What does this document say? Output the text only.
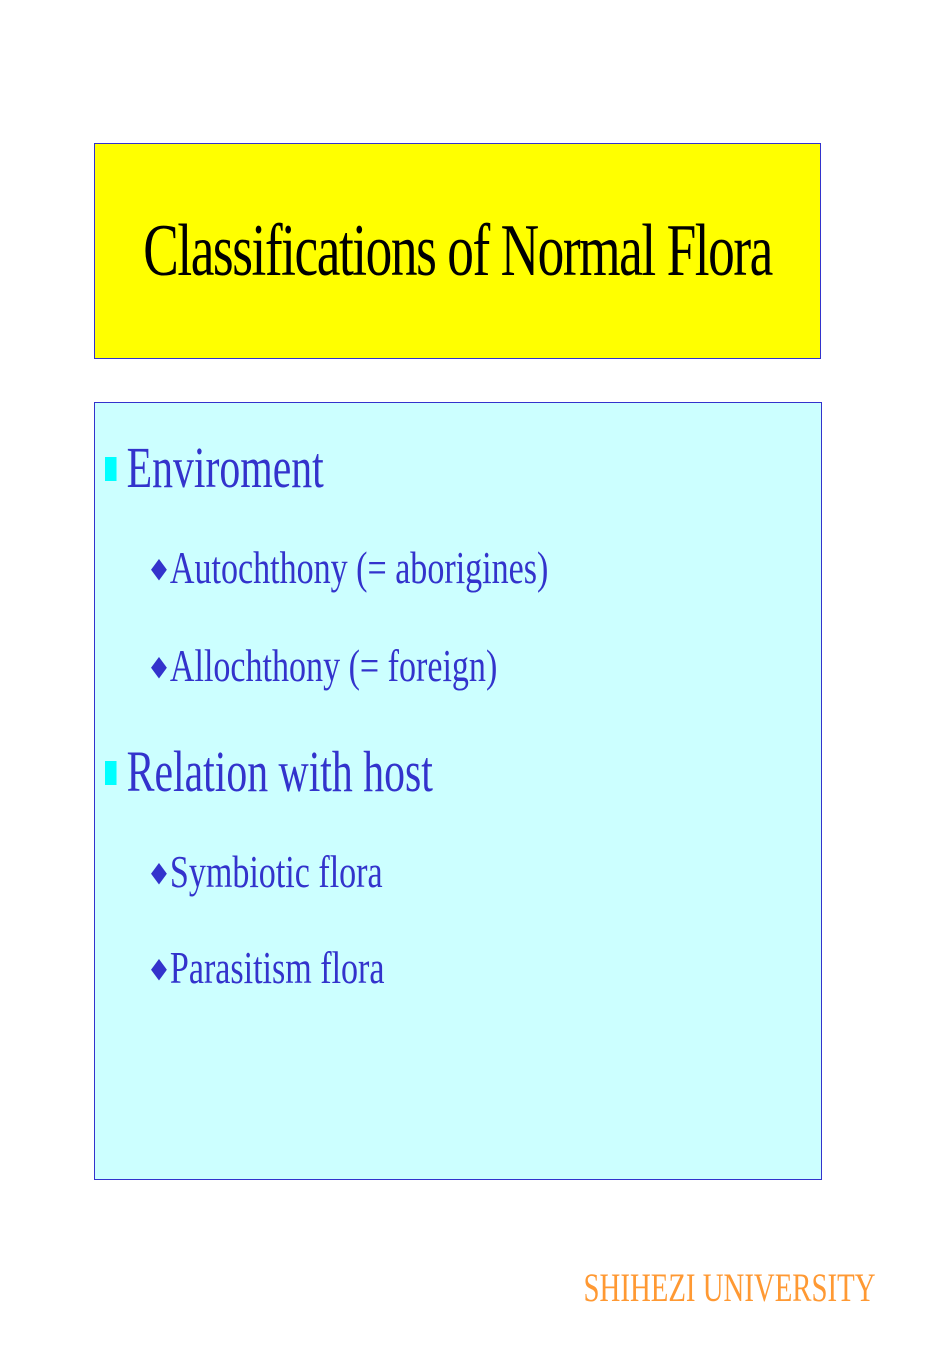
Classifications of Normal Flora
Enviroment
◆Autochthony (= aborigines)
◆Allochthony (= foreign)
Relation with host
◆Symbiotic flora
◆Parasitism flora
SHIHEZI UNIVERSITY
